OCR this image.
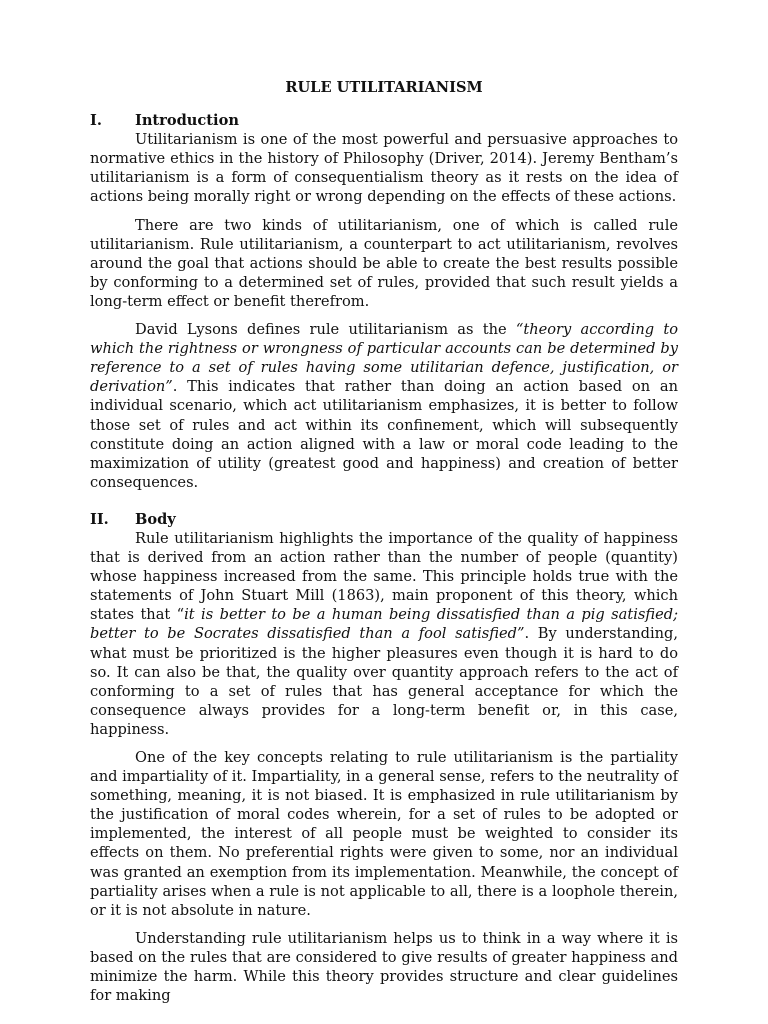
RULE UTILITARIANISM
I.	Introduction

Utilitarianism is one of the most powerful and persuasive approaches to normative ethics in the history of Philosophy (Driver, 2014). Jeremy Bentham’s utilitarianism is a form of consequentialism theory as it rests on the idea of actions being morally right or wrong depending on the effects of these actions.

There are two kinds of utilitarianism, one of which is called rule utilitarianism. Rule utilitarianism, a counterpart to act utilitarianism, revolves around the goal that actions should be able to create the best results possible by conforming to a determined set of rules, provided that such result yields a long-term effect or benefit therefrom.

David Lysons defines rule utilitarianism as the “theory according to which the rightness or wrongness of particular accounts can be determined by reference to a set of rules having some utilitarian defence, justification, or derivation”. This indicates that rather than doing an action based on an individual scenario, which act utilitarianism emphasizes, it is better to follow those set of rules and act within its confinement, which will subsequently constitute doing an action aligned with a law or moral code leading to the maximization of utility (greatest good and happiness) and creation of better consequences.

II.	Body

Rule utilitarianism highlights the importance of the quality of happiness that is derived from an action rather than the number of people (quantity) whose happiness increased from the same. This principle holds true with the statements of John Stuart Mill (1863), main proponent of this theory, which states that “it is better to be a human being dissatisfied than a pig satisfied; better to be Socrates dissatisfied than a fool satisfied”. By understanding, what must be prioritized is the higher pleasures even though it is hard to do so. It can also be that, the quality over quantity approach refers to the act of conforming to a set of rules that has general acceptance for which the consequence always provides for a long-term benefit or, in this case, happiness.

One of the key concepts relating to rule utilitarianism is the partiality and impartiality of it. Impartiality, in a general sense, refers to the neutrality of something, meaning, it is not biased. It is emphasized in rule utilitarianism by the justification of moral codes wherein, for a set of rules to be adopted or implemented, the interest of all people must be weighted to consider its effects on them. No preferential rights were given to some, nor an individual was granted an exemption from its implementation. Meanwhile, the concept of partiality arises when a rule is not applicable to all, there is a loophole therein, or it is not absolute in nature.

Understanding rule utilitarianism helps us to think in a way where it is based on the rules that are considered to give results of greater happiness and minimize the harm. While this theory provides structure and clear guidelines for making
